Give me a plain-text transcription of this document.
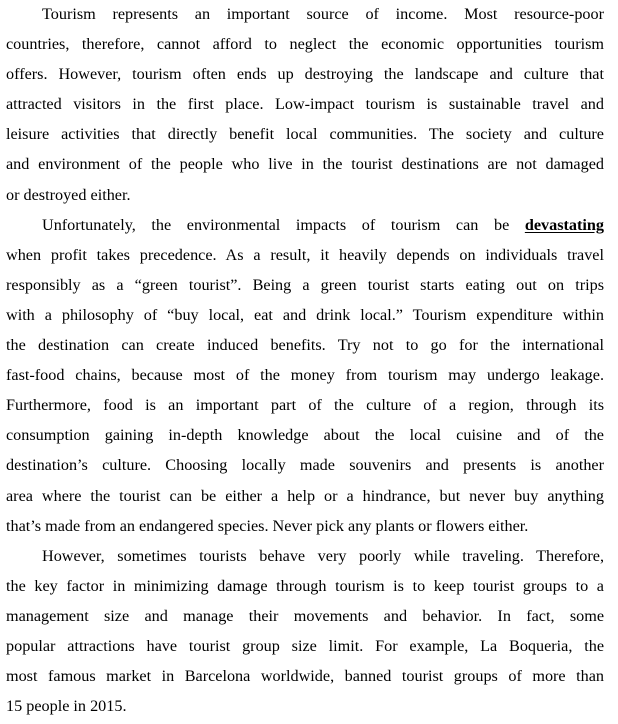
Tourism represents an important source of income. Most resource-poor
countries, therefore, cannot afford to neglect the economic opportunities tourism
offers. However, tourism often ends up destroying the landscape and culture that
attracted visitors in the first place. Low-impact tourism is sustainable travel and
leisure activities that directly benefit local communities. The society and culture
and environment of the people who live in the tourist destinations are not damaged
or destroyed either.
Unfortunately, the environmental impacts of tourism can be devastating
when profit takes precedence. As a result, it heavily depends on individuals travel
responsibly as a “green tourist”. Being a green tourist starts eating out on trips
with a philosophy of “buy local, eat and drink local.” Tourism expenditure within
the destination can create induced benefits. Try not to go for the international
fast-food chains, because most of the money from tourism may undergo leakage.
Furthermore, food is an important part of the culture of a region, through its
consumption gaining in-depth knowledge about the local cuisine and of the
destination’s culture. Choosing locally made souvenirs and presents is another
area where the tourist can be either a help or a hindrance, but never buy anything
that’s made from an endangered species. Never pick any plants or flowers either.
However, sometimes tourists behave very poorly while traveling. Therefore,
the key factor in minimizing damage through tourism is to keep tourist groups to a
management size and manage their movements and behavior. In fact, some
popular attractions have tourist group size limit. For example, La Boqueria, the
most famous market in Barcelona worldwide, banned tourist groups of more than
15 people in 2015.
